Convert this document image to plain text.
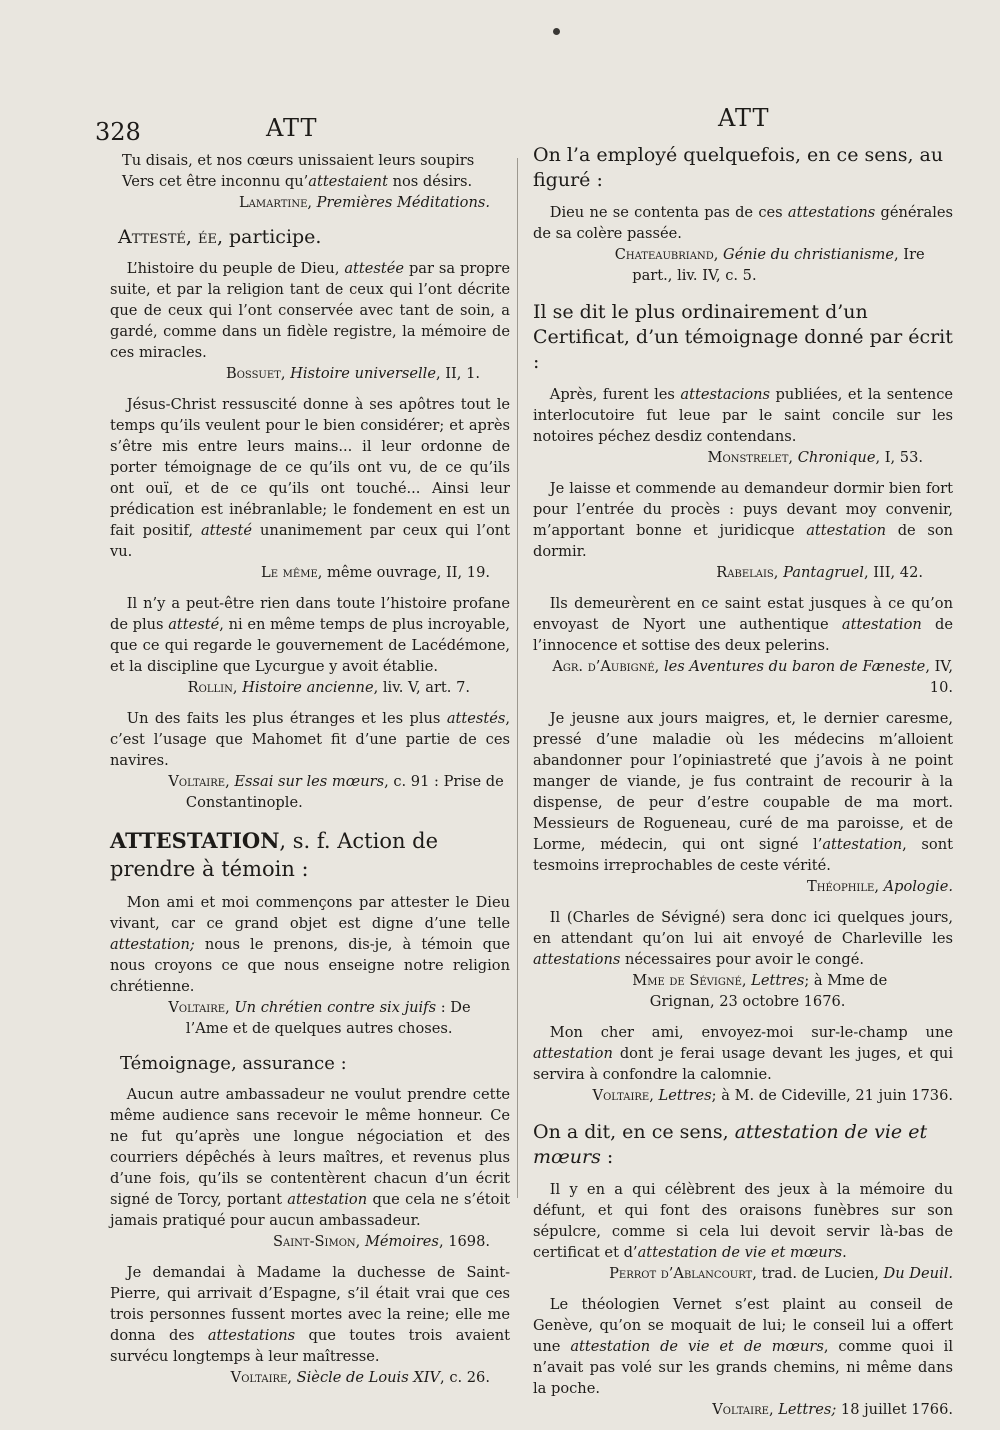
328	ATT	ATT

Tu disais, et nos cœurs unissaient leurs soupirs

Vers cet être inconnu qu’attestaient nos désirs.

Lamartine, Premières Méditations.

Attesté, ée, participe.

L’histoire du peuple de Dieu, attestée par sa propre suite, et par la religion tant de ceux qui l’ont décrite que de ceux qui l’ont conservée avec tant de soin, a gardé, comme dans un fidèle registre, la mémoire de ces miracles.

Bossuet, Histoire universelle, II, 1.

Jésus-Christ ressuscité donne à ses apôtres tout le temps qu’ils veulent pour le bien considérer; et après s’être mis entre leurs mains... il leur ordonne de porter témoignage de ce qu’ils ont vu, de ce qu’ils ont ouï, et de ce qu’ils ont touché... Ainsi leur prédication est inébranlable; le fondement en est un fait positif, attesté unanimement par ceux qui l’ont vu.

Le même, même ouvrage, II, 19.

Il n’y a peut-être rien dans toute l’histoire profane de plus attesté, ni en même temps de plus incroyable, que ce qui regarde le gouvernement de Lacédémone, et la discipline que Lycurgue y avoit établie.

Rollin, Histoire ancienne, liv. V, art. 7.

Un des faits les plus étranges et les plus attestés, c’est l’usage que Mahomet fit d’une partie de ces navires.

Voltaire, Essai sur les mœurs, c. 91 : Prise de Constantinople.

ATTESTATION, s. f. Action de prendre à témoin :

Mon ami et moi commençons par attester le Dieu vivant, car ce grand objet est digne d’une telle attestation; nous le prenons, dis-je, à témoin que nous croyons ce que nous enseigne notre religion chrétienne.

Voltaire, Un chrétien contre six juifs : De l’Ame et de quelques autres choses.

Témoignage, assurance :

Aucun autre ambassadeur ne voulut prendre cette même audience sans recevoir le même honneur. Ce ne fut qu’après une longue négociation et des courriers dépêchés à leurs maîtres, et revenus plus d’une fois, qu’ils se contentèrent chacun d’un écrit signé de Torcy, portant attestation que cela ne s’étoit jamais pratiqué pour aucun ambassadeur.

Saint-Simon, Mémoires, 1698.

Je demandai à Madame la duchesse de Saint-Pierre, qui arrivait d’Espagne, s’il était vrai que ces trois personnes fussent mortes avec la reine; elle me donna des attestations que toutes trois avaient survécu longtemps à leur maîtresse.

Voltaire, Siècle de Louis XIV, c. 26.

On l’a employé quelquefois, en ce sens, au figuré :

Dieu ne se contenta pas de ces attestations générales de sa colère passée.

Chateaubriand, Génie du christianisme, Ire part., liv. IV, c. 5.

Il se dit le plus ordinairement d’un Certificat, d’un témoignage donné par écrit :

Après, furent les attestacions publiées, et la sentence interlocutoire fut leue par le saint concile sur les notoires péchez desdiz contendans.

Monstrelet, Chronique, I, 53.

Je laisse et commende au demandeur dormir bien fort pour l’entrée du procès : puys devant moy convenir, m’apportant bonne et juridicque attestation de son dormir.

Rabelais, Pantagruel, III, 42.

Ils demeurèrent en ce saint estat jusques à ce qu’on envoyast de Nyort une authentique attestation de l’innocence et sottise des deux pelerins.

Agr. d’Aubigné, les Aventures du baron de Fæneste, IV, 10.

Je jeusne aux jours maigres, et, le dernier caresme, pressé d’une maladie où les médecins m’alloient abandonner pour l’opiniastreté que j’avois à ne point manger de viande, je fus contraint de recourir à la dispense, de peur d’estre coupable de ma mort. Messieurs de Rogueneau, curé de ma paroisse, et de Lorme, médecin, qui ont signé l’attestation, sont tesmoins irreprochables de ceste vérité.

Théophile, Apologie.

Il (Charles de Sévigné) sera donc ici quelques jours, en attendant qu’on lui ait envoyé de Charleville les attestations nécessaires pour avoir le congé.

Mme de Sévigné, Lettres; à Mme de Grignan, 23 octobre 1676.

Mon cher ami, envoyez-moi sur-le-champ une attestation dont je ferai usage devant les juges, et qui servira à confondre la calomnie.

Voltaire, Lettres; à M. de Cideville, 21 juin 1736.

On a dit, en ce sens, attestation de vie et mœurs :

Il y en a qui célèbrent des jeux à la mémoire du défunt, et qui font des oraisons funèbres sur son sépulcre, comme si cela lui devoit servir là-bas de certificat et d’attestation de vie et mœurs.

Perrot d’Ablancourt, trad. de Lucien, Du Deuil.

Le théologien Vernet s’est plaint au conseil de Genève, qu’on se moquait de lui; le conseil lui a offert une attestation de vie et de mœurs, comme quoi il n’avait pas volé sur les grands chemins, ni même dans la poche.

Voltaire, Lettres; 18 juillet 1766.
